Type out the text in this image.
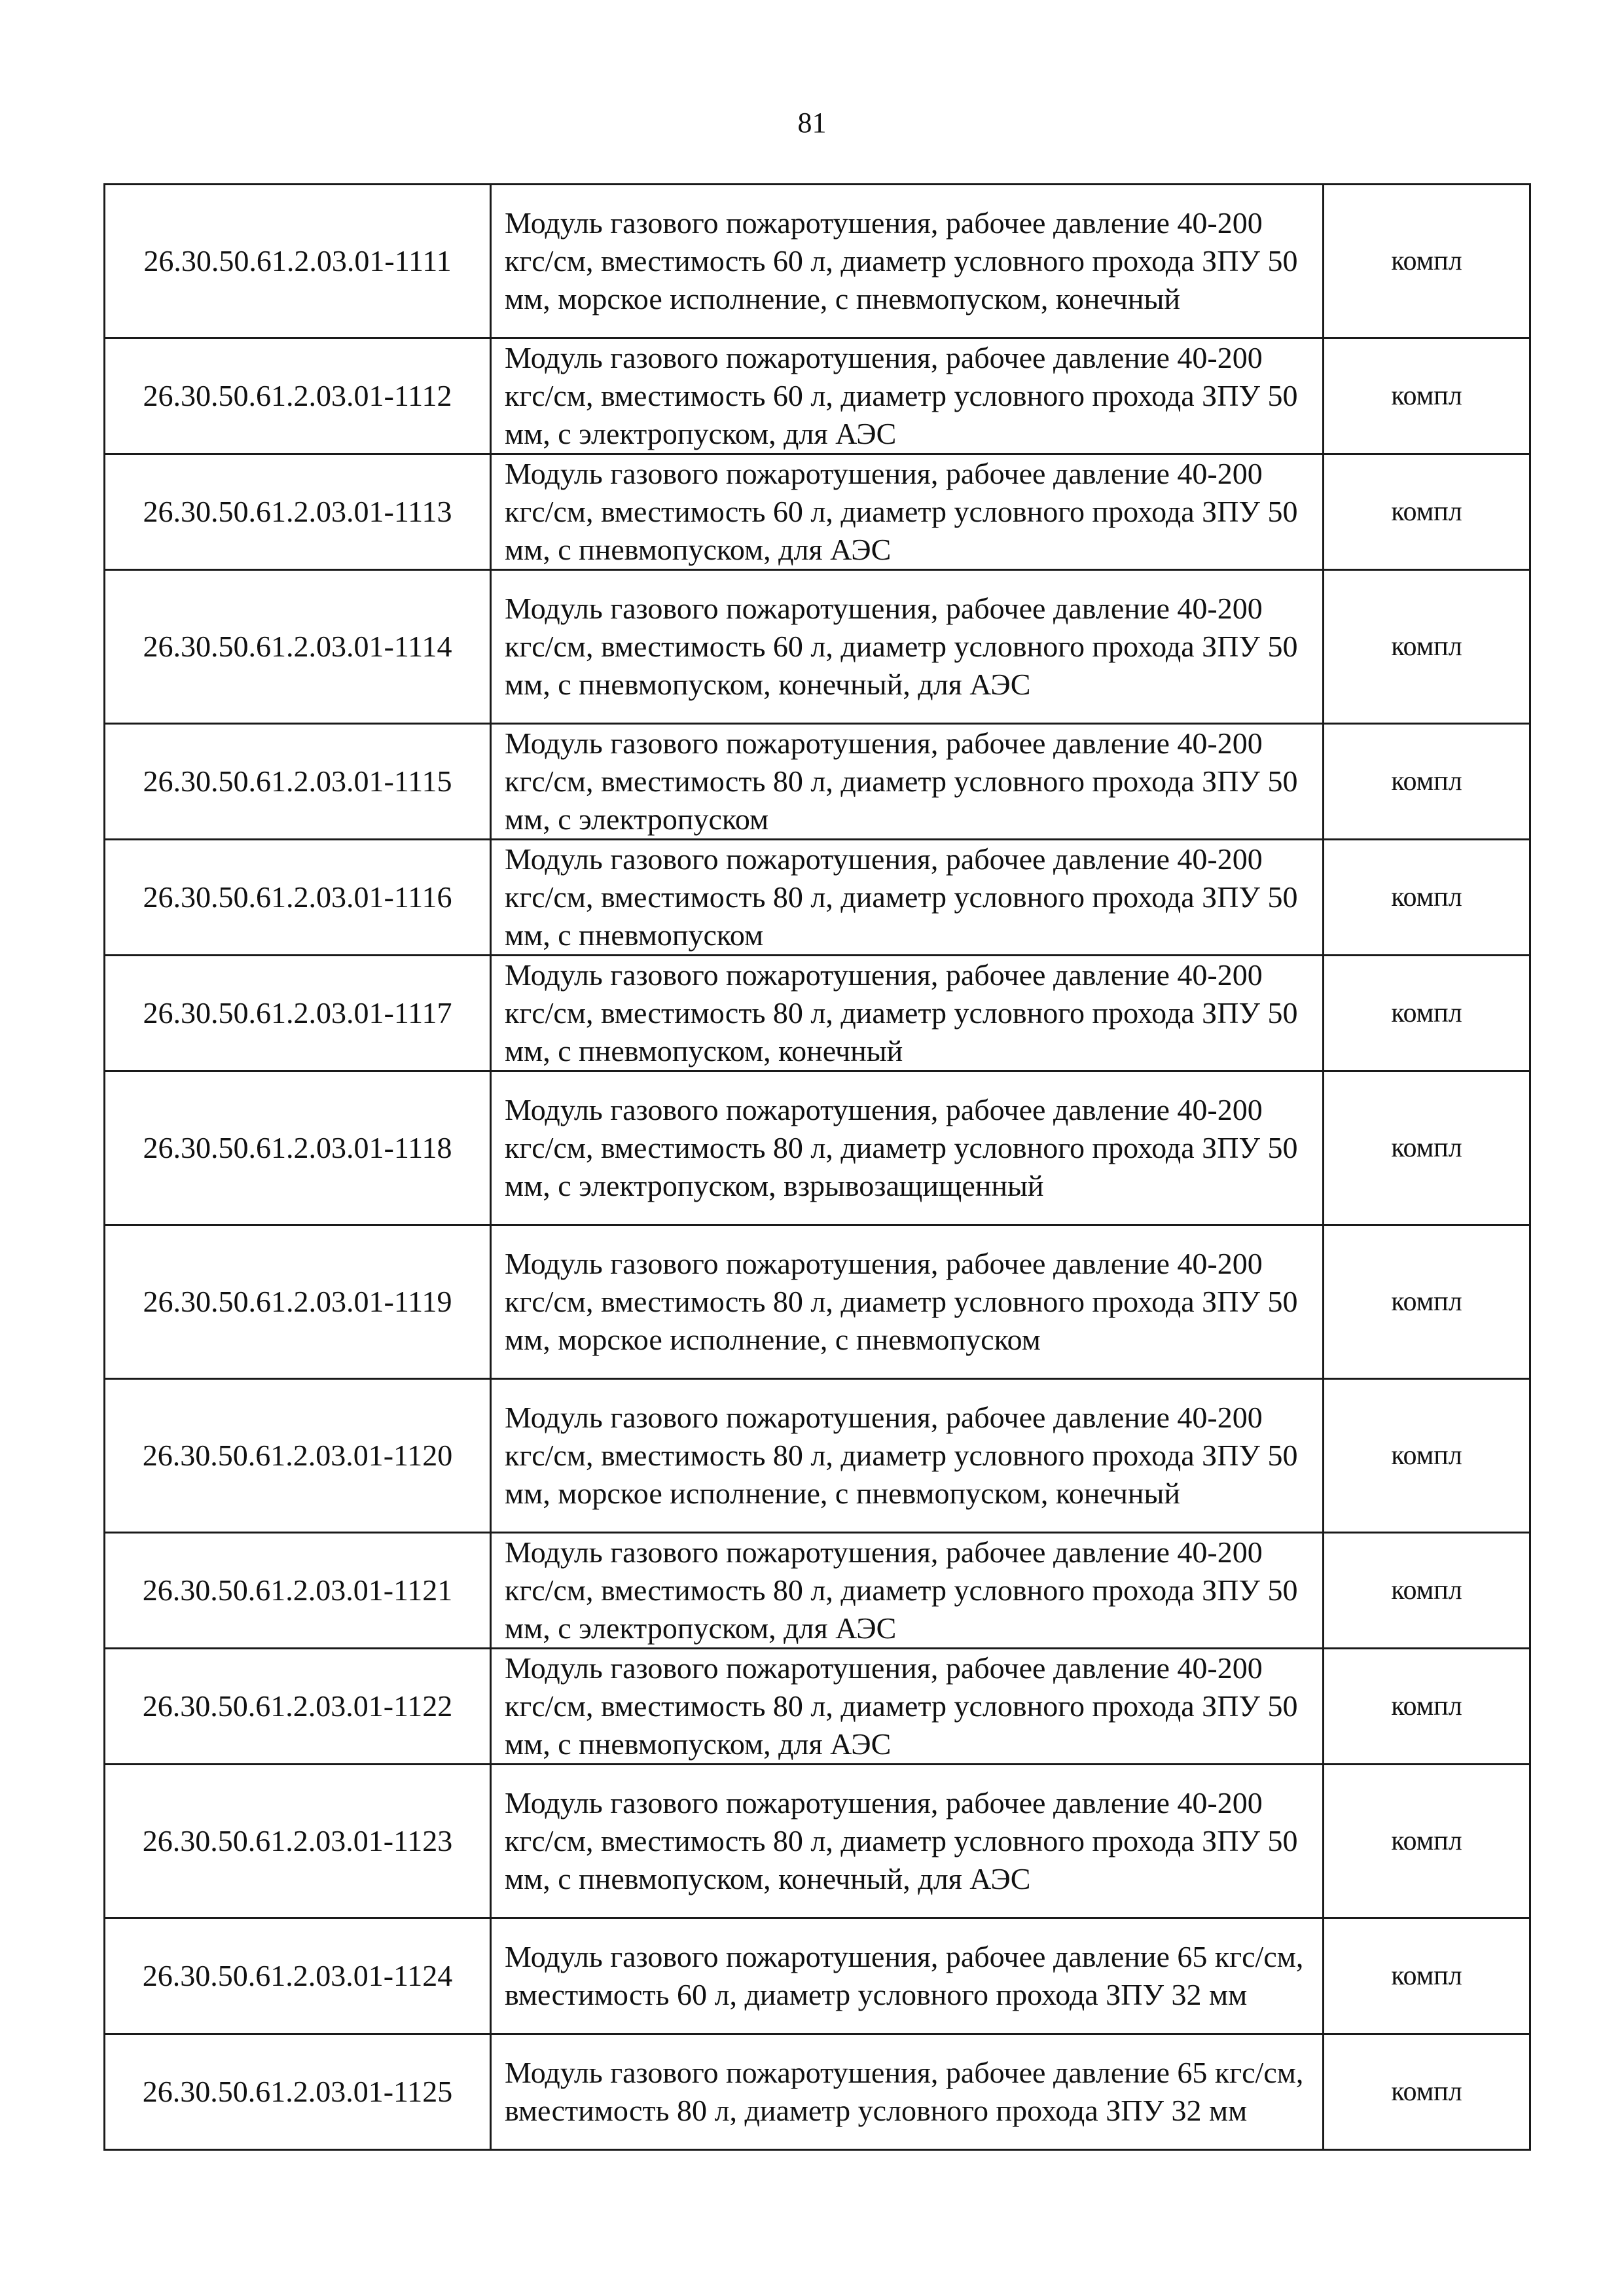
81
26.30.50.61.2.03.01-1111	Модуль газового пожаротушения, рабочее давление 40-200 кгс/см, вместимость 60 л, диаметр условного прохода ЗПУ 50 мм, морское исполнение, с пневмопуском, конечный	компл
26.30.50.61.2.03.01-1112	Модуль газового пожаротушения, рабочее давление 40-200 кгс/см, вместимость 60 л, диаметр условного прохода ЗПУ 50 мм, с электропуском, для АЭС	компл
26.30.50.61.2.03.01-1113	Модуль газового пожаротушения, рабочее давление 40-200 кгс/см, вместимость 60 л, диаметр условного прохода ЗПУ 50 мм, с пневмопуском, для АЭС	компл
26.30.50.61.2.03.01-1114	Модуль газового пожаротушения, рабочее давление 40-200 кгс/см, вместимость 60 л, диаметр условного прохода ЗПУ 50 мм, с пневмопуском, конечный, для АЭС	компл
26.30.50.61.2.03.01-1115	Модуль газового пожаротушения, рабочее давление 40-200 кгс/см, вместимость 80 л, диаметр условного прохода ЗПУ 50 мм, с электропуском	компл
26.30.50.61.2.03.01-1116	Модуль газового пожаротушения, рабочее давление 40-200 кгс/см, вместимость 80 л, диаметр условного прохода ЗПУ 50 мм, с пневмопуском	компл
26.30.50.61.2.03.01-1117	Модуль газового пожаротушения, рабочее давление 40-200 кгс/см, вместимость 80 л, диаметр условного прохода ЗПУ 50 мм, с пневмопуском, конечный	компл
26.30.50.61.2.03.01-1118	Модуль газового пожаротушения, рабочее давление 40-200 кгс/см, вместимость 80 л, диаметр условного прохода ЗПУ 50 мм, с электропуском, взрывозащищенный	компл
26.30.50.61.2.03.01-1119	Модуль газового пожаротушения, рабочее давление 40-200 кгс/см, вместимость 80 л, диаметр условного прохода ЗПУ 50 мм, морское исполнение, с пневмопуском	компл
26.30.50.61.2.03.01-1120	Модуль газового пожаротушения, рабочее давление 40-200 кгс/см, вместимость 80 л, диаметр условного прохода ЗПУ 50 мм, морское исполнение, с пневмопуском, конечный	компл
26.30.50.61.2.03.01-1121	Модуль газового пожаротушения, рабочее давление 40-200 кгс/см, вместимость 80 л, диаметр условного прохода ЗПУ 50 мм, с электропуском, для АЭС	компл
26.30.50.61.2.03.01-1122	Модуль газового пожаротушения, рабочее давление 40-200 кгс/см, вместимость 80 л, диаметр условного прохода ЗПУ 50 мм, с пневмопуском, для АЭС	компл
26.30.50.61.2.03.01-1123	Модуль газового пожаротушения, рабочее давление 40-200 кгс/см, вместимость 80 л, диаметр условного прохода ЗПУ 50 мм, с пневмопуском, конечный, для АЭС	компл
26.30.50.61.2.03.01-1124	Модуль газового пожаротушения, рабочее давление 65 кгс/см, вместимость 60 л, диаметр условного прохода ЗПУ 32 мм	компл
26.30.50.61.2.03.01-1125	Модуль газового пожаротушения, рабочее давление 65 кгс/см, вместимость 80 л, диаметр условного прохода ЗПУ 32 мм	компл
